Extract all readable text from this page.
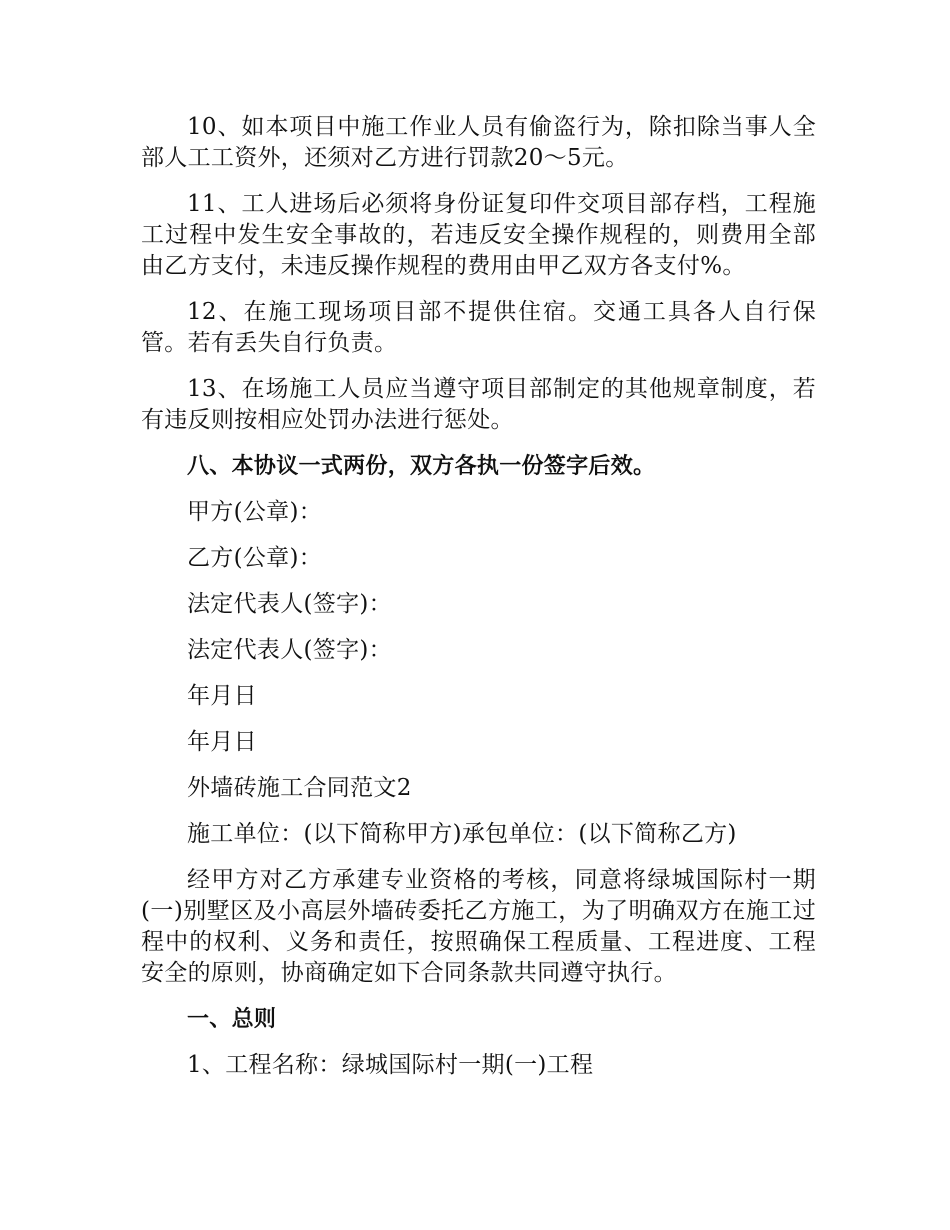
10、如本项目中施工作业人员有偷盗行为，除扣除当事人全部人工工资外，还须对乙方进行罚款20～5元。

11、工人进场后必须将身份证复印件交项目部存档，工程施工过程中发生安全事故的，若违反安全操作规程的，则费用全部由乙方支付，未违反操作规程的费用由甲乙双方各支付%。

12、在施工现场项目部不提供住宿。交通工具各人自行保管。若有丢失自行负责。

13、在场施工人员应当遵守项目部制定的其他规章制度，若有违反则按相应处罚办法进行惩处。

八、本协议一式两份，双方各执一份签字后效。

甲方(公章)：

乙方(公章)：

法定代表人(签字)：

法定代表人(签字)：

年月日

年月日

外墙砖施工合同范文2

施工单位：(以下简称甲方)承包单位：(以下简称乙方)

经甲方对乙方承建专业资格的考核，同意将绿城国际村一期(一)别墅区及小高层外墙砖委托乙方施工，为了明确双方在施工过程中的权利、义务和责任，按照确保工程质量、工程进度、工程安全的原则，协商确定如下合同条款共同遵守执行。

一、总则

1、工程名称：绿城国际村一期(一)工程
